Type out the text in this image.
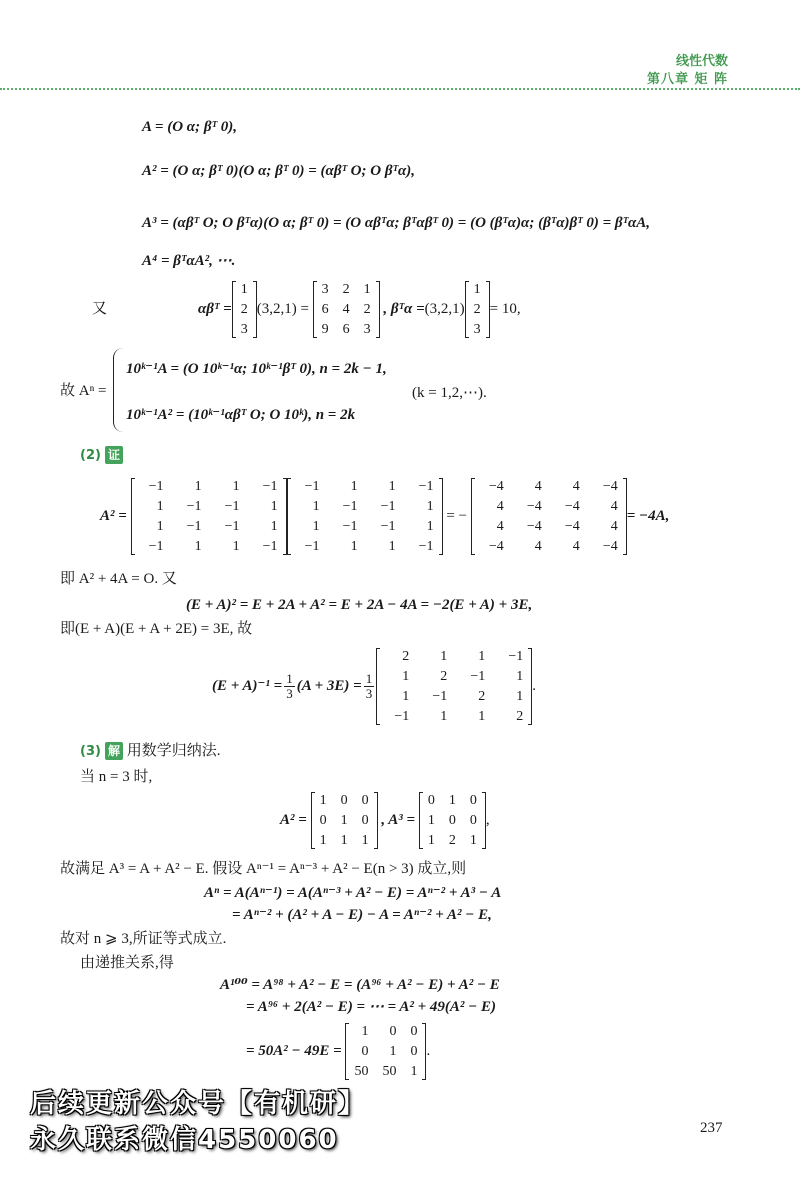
线性代数
第八章 矩 阵
A = (O α; βᵀ 0),
A² = (O α; βᵀ 0)(O α; βᵀ 0) = (αβᵀ O; O βᵀα),
A³ = (αβᵀ O; O βᵀα)(O α; βᵀ 0) = (O αβᵀα; βᵀαβᵀ 0) = (O (βᵀα)α; (βᵀα)βᵀ 0) = βᵀαA,
A⁴ = βᵀαA², ⋯.
又	αβᵀ =
1
2
3
(3,2,1) =
3 2 1
6 4 2
9 6 3
, βᵀα = (3,2,1)
1
2
3
= 10,
故 Aⁿ =
10ᵏ⁻¹A = (O 10ᵏ⁻¹α; 10ᵏ⁻¹βᵀ 0), n = 2k − 1,
10ᵏ⁻¹A² = (10ᵏ⁻¹αβᵀ O; O 10ᵏ), n = 2k
(k = 1,2,⋯).
(2) 证
A² =
−1	1	1	−1
1	−1	−1	1
1	−1	−1	1
−1	1	1	−1
−1	1	1	−1
1	−1	−1	1
1	−1	−1	1
−1	1	1	−1
= −
−4	4	4	−4
4	−4	−4	4
4	−4	−4	4
−4	4	4	−4
= −4A,
即 A² + 4A = O. 又
(E + A)² = E + 2A + A² = E + 2A − 4A = −2(E + A) + 3E,
即(E + A)(E + A + 2E) = 3E, 故
$(E + A)^{-1} = \frac{1}{3} (A + 3E) = \frac{1}{3}$
2	1	1	−1
1	2	−1	1
1	−1	2	1
−1	1	1	2
.
(3) 解 用数学归纳法.
当 n = 3 时,
A² =
1 0 0
0 1 0
1 1 1
, A³ =
0 1 0
1 0 0
1 2 1
,
故满足 A³ = A + A² − E. 假设 Aⁿ⁻¹ = Aⁿ⁻³ + A² − E(n > 3) 成立,则
Aⁿ = A(Aⁿ⁻¹) = A(Aⁿ⁻³ + A² − E) = Aⁿ⁻² + A³ − A
= Aⁿ⁻² + (A² + A − E) − A = Aⁿ⁻² + A² − E,
故对 n ⩾ 3,所证等式成立.
由递推关系,得
A¹⁰⁰ = A⁹⁸ + A² − E = (A⁹⁶ + A² − E) + A² − E
= A⁹⁶ + 2(A² − E) = ⋯ = A² + 49(A² − E)
= 50A² − 49E =

1	0 0
0	1 0
50 50 1
.
后续更新公众号【有机研】
永久联系微信4550060	237
